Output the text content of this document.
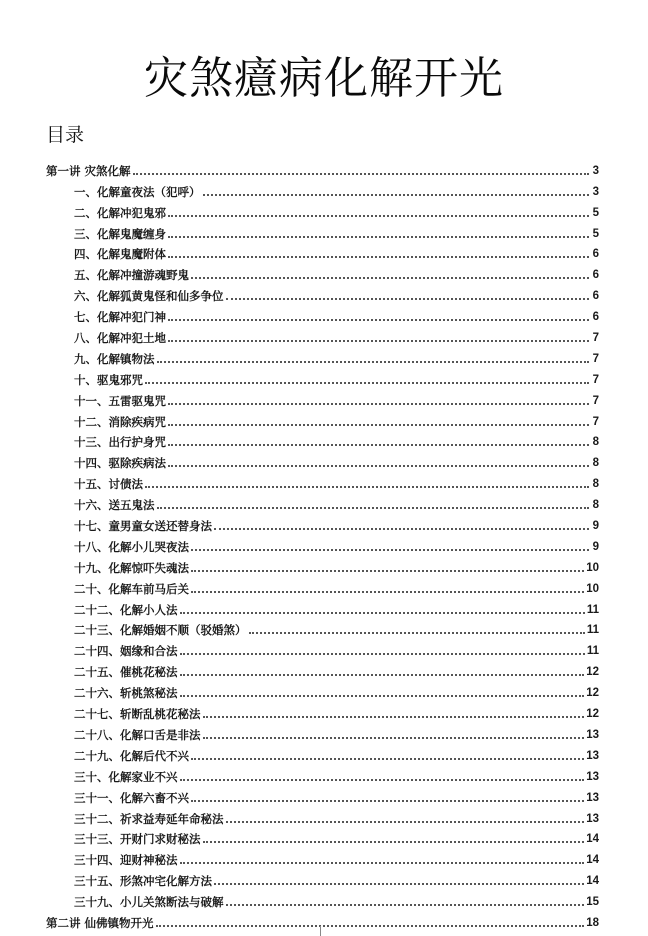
灾煞癔病化解开光
目录
第一讲 灾煞化解	3
一、化解童夜法（犯呼）	3
二、化解冲犯鬼邪	5
三、化解鬼魔缠身	5
四、化解鬼魔附体	6
五、化解冲撞游魂野鬼	6
六、化解狐黄鬼怪和仙多争位	6
七、化解冲犯门神	6
八、化解冲犯土地	7
九、化解镇物法	7
十、驱鬼邪咒	7
十一、五雷驱鬼咒	7
十二、消除疾病咒	7
十三、出行护身咒	8
十四、驱除疾病法	8
十五、讨债法	8
十六、送五鬼法	8
十七、童男童女送还替身法	9
十八、化解小儿哭夜法	9
十九、化解惊吓失魂法	10
二十、化解车前马后关	10
二十二、化解小人法	11
二十三、化解婚姻不顺（驳婚煞）	11
二十四、姻缘和合法	11
二十五、催桃花秘法	12
二十六、斩桃煞秘法	12
二十七、斩断乱桃花秘法	12
二十八、化解口舌是非法	13
二十九、化解后代不兴	13
三十、化解家业不兴	13
三十一、化解六畜不兴	13
三十二、祈求益寿延年命秘法	13
三十三、开财门求财秘法	14
三十四、迎财神秘法	14
三十五、形煞冲宅化解方法	14
三十九、小儿关煞断法与破解	15
第二讲 仙佛镇物开光	18
